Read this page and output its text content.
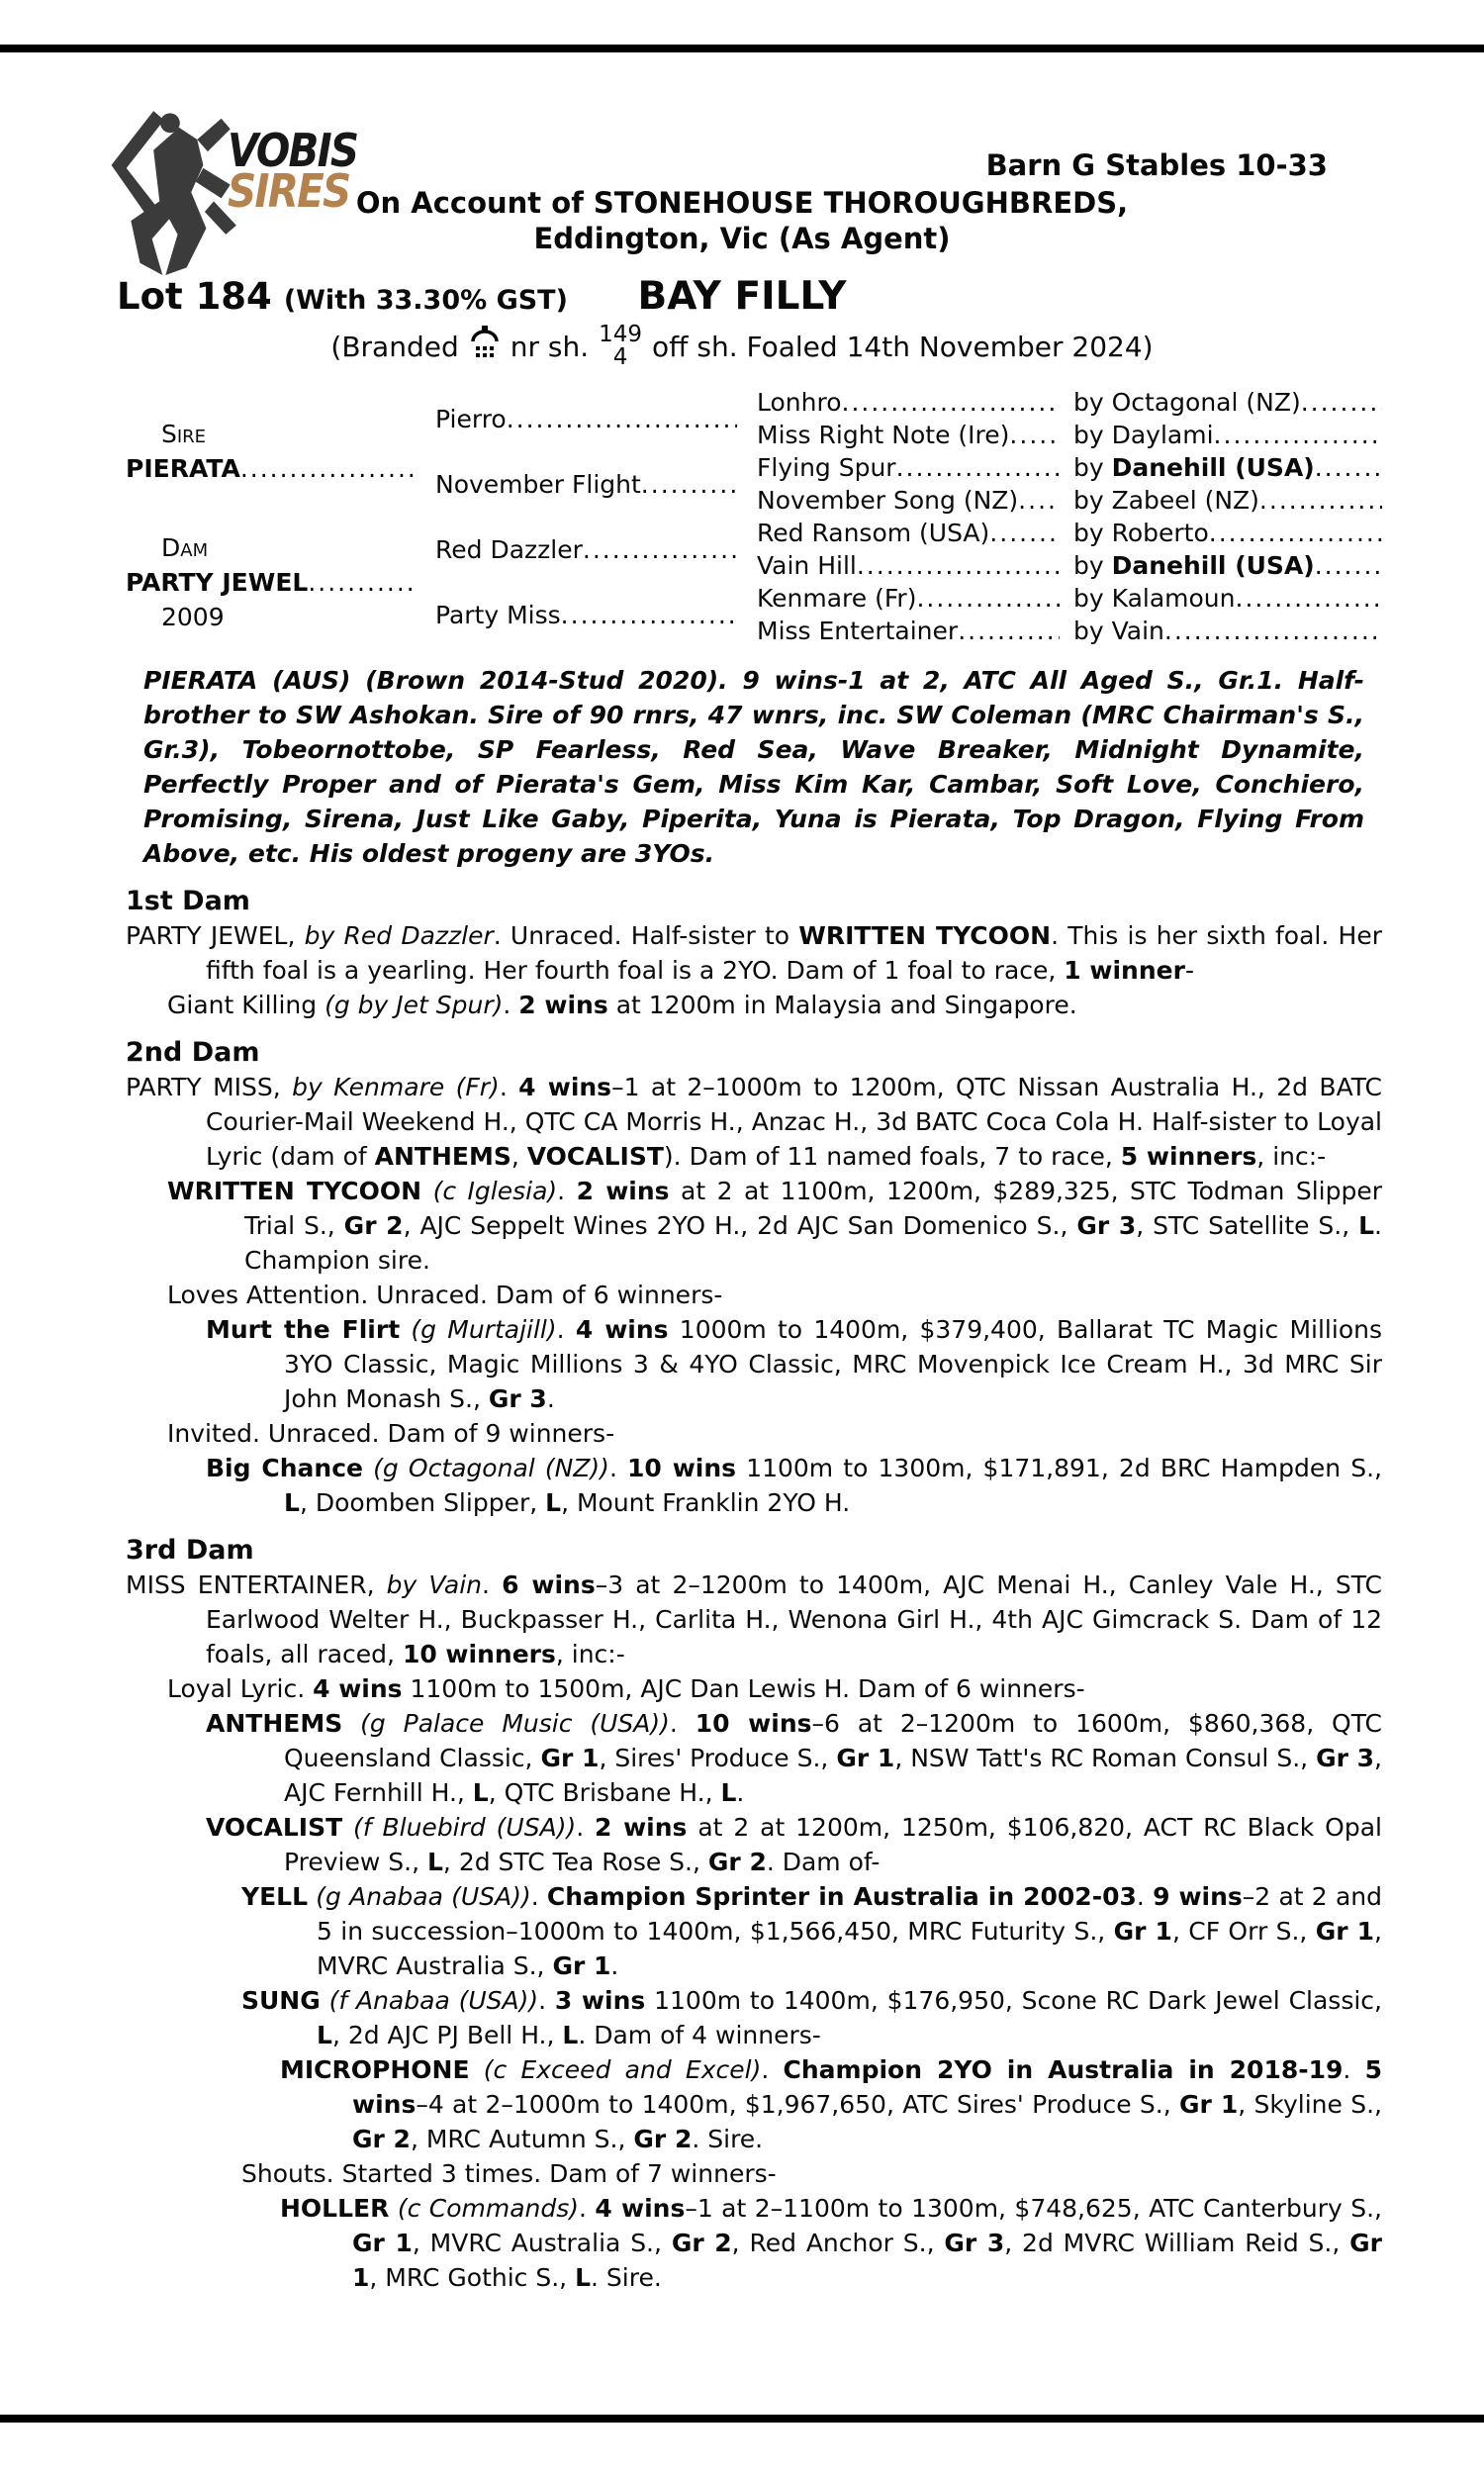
VOBIS
SIRES	Barn G Stables 10-33
On Account of STONEHOUSE THOROUGHBREDS,
Eddington, Vic (As Agent)
Lot 184 (With 33.30% GST)	BAY FILLY
(Branded nr sh. 149
4 off sh. Foaled 14th November 2024)
Sire
PIERATA
.....
Dam
PARTY JEWEL
.....
2009
Pierro
.....
November Flight
.....
Red Dazzler
.....
Party Miss
.....
Lonhro
.....
Miss Right Note (Ire)
.....
Flying Spur
.....
November Song (NZ)
.....
Red Ransom (USA)
.....
Vain Hill
.....
Kenmare (Fr)
.....
Miss Entertainer
.....
by Octagonal (NZ)
.....
by Daylami
.....
by Danehill (USA)
.....
by Zabeel (NZ)
.....
by Roberto
.....
by Danehill (USA)
.....
by Kalamoun
.....
by Vain
.....
PIERATA (AUS) (Brown 2014-Stud 2020). 9 wins-1 at 2, ATC All Aged S., Gr.1. Half-brother to SW Ashokan. Sire of 90 rnrs, 47 wnrs, inc. SW Coleman (MRC Chairman's S., Gr.3), Tobeornottobe, SP Fearless, Red Sea, Wave Breaker, Midnight Dynamite, Perfectly Proper and of Pierata's Gem, Miss Kim Kar, Cambar, Soft Love, Conchiero, Promising, Sirena, Just Like Gaby, Piperita, Yuna is Pierata, Top Dragon, Flying From Above, etc. His oldest progeny are 3YOs.
1st Dam
PARTY JEWEL, by Red Dazzler. Unraced. Half-sister to WRITTEN TYCOON. This is her sixth foal. Her fifth foal is a yearling. Her fourth foal is a 2YO. Dam of 1 foal to race, 1 winner-
Giant Killing (g by Jet Spur). 2 wins at 1200m in Malaysia and Singapore.
2nd Dam
PARTY MISS, by Kenmare (Fr). 4 wins–1 at 2–1000m to 1200m, QTC Nissan Australia H., 2d BATC Courier-Mail Weekend H., QTC CA Morris H., Anzac H., 3d BATC Coca Cola H. Half-sister to Loyal Lyric (dam of ANTHEMS, VOCALIST). Dam of 11 named foals, 7 to race, 5 winners, inc:-
WRITTEN TYCOON (c Iglesia). 2 wins at 2 at 1100m, 1200m, $289,325, STC Todman Slipper Trial S., Gr 2, AJC Seppelt Wines 2YO H., 2d AJC San Domenico S., Gr 3, STC Satellite S., L. Champion sire.
Loves Attention. Unraced. Dam of 6 winners-
Murt the Flirt (g Murtajill). 4 wins 1000m to 1400m, $379,400, Ballarat TC Magic Millions 3YO Classic, Magic Millions 3 & 4YO Classic, MRC Movenpick Ice Cream H., 3d MRC Sir John Monash S., Gr 3.
Invited. Unraced. Dam of 9 winners-
Big Chance (g Octagonal (NZ)). 10 wins 1100m to 1300m, $171,891, 2d BRC Hampden S., L, Doomben Slipper, L, Mount Franklin 2YO H.
3rd Dam
MISS ENTERTAINER, by Vain. 6 wins–3 at 2–1200m to 1400m, AJC Menai H., Canley Vale H., STC Earlwood Welter H., Buckpasser H., Carlita H., Wenona Girl H., 4th AJC Gimcrack S. Dam of 12 foals, all raced, 10 winners, inc:-
Loyal Lyric. 4 wins 1100m to 1500m, AJC Dan Lewis H. Dam of 6 winners-
ANTHEMS (g Palace Music (USA)). 10 wins–6 at 2–1200m to 1600m, $860,368, QTC Queensland Classic, Gr 1, Sires' Produce S., Gr 1, NSW Tatt's RC Roman Consul S., Gr 3, AJC Fernhill H., L, QTC Brisbane H., L.
VOCALIST (f Bluebird (USA)). 2 wins at 2 at 1200m, 1250m, $106,820, ACT RC Black Opal Preview S., L, 2d STC Tea Rose S., Gr 2. Dam of-
YELL (g Anabaa (USA)). Champion Sprinter in Australia in 2002-03. 9 wins–2 at 2 and 5 in succession–1000m to 1400m, $1,566,450, MRC Futurity S., Gr 1, CF Orr S., Gr 1, MVRC Australia S., Gr 1.
SUNG (f Anabaa (USA)). 3 wins 1100m to 1400m, $176,950, Scone RC Dark Jewel Classic, L, 2d AJC PJ Bell H., L. Dam of 4 winners-
MICROPHONE (c Exceed and Excel). Champion 2YO in Australia in 2018-19. 5 wins–4 at 2–1000m to 1400m, $1,967,650, ATC Sires' Produce S., Gr 1, Skyline S., Gr 2, MRC Autumn S., Gr 2. Sire.
Shouts. Started 3 times. Dam of 7 winners-
HOLLER (c Commands). 4 wins–1 at 2–1100m to 1300m, $748,625, ATC Canterbury S., Gr 1, MVRC Australia S., Gr 2, Red Anchor S., Gr 3, 2d MVRC William Reid S., Gr 1, MRC Gothic S., L. Sire.
